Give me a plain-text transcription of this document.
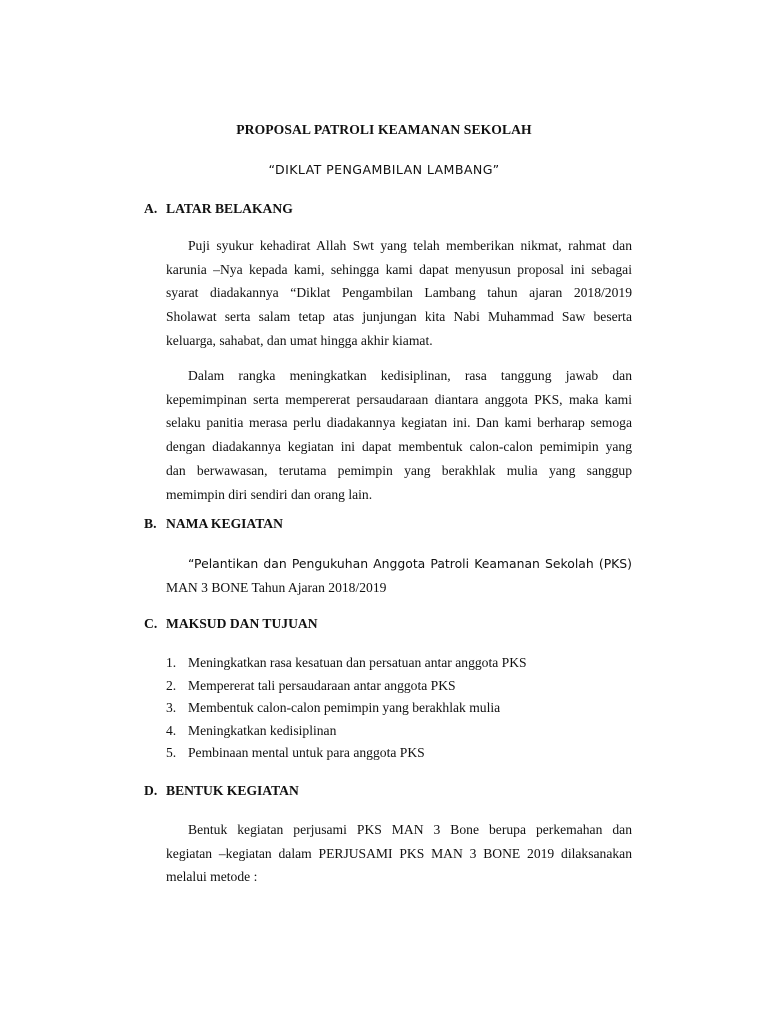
PROPOSAL PATROLI KEAMANAN SEKOLAH
“DIKLAT PENGAMBILAN LAMBANG”
A. LATAR BELAKANG
Puji syukur kehadirat Allah Swt yang telah memberikan nikmat, rahmat dan
karunia –Nya kepada kami, sehingga kami dapat menyusun proposal ini sebagai
syarat diadakannya “Diklat Pengambilan Lambang tahun ajaran 2018/2019
Sholawat serta salam tetap atas junjungan kita Nabi Muhammad Saw beserta
keluarga, sahabat, dan umat hingga akhir kiamat.
Dalam rangka meningkatkan kedisiplinan, rasa tanggung jawab dan
kepemimpinan serta mempererat persaudaraan diantara anggota PKS, maka kami
selaku panitia merasa perlu diadakannya kegiatan ini. Dan kami berharap semoga
dengan diadakannya kegiatan ini dapat membentuk calon-calon pemimipin yang
dan berwawasan, terutama pemimpin yang berakhlak mulia yang sanggup
memimpin diri sendiri dan orang lain.
B. NAMA KEGIATAN
“Pelantikan dan Pengukuhan Anggota Patroli Keamanan Sekolah (PKS)
MAN 3 BONE Tahun Ajaran 2018/2019
C. MAKSUD DAN TUJUAN
1. Meningkatkan rasa kesatuan dan persatuan antar anggota PKS
2. Mempererat tali persaudaraan antar anggota PKS
3. Membentuk calon-calon pemimpin yang berakhlak mulia
4. Meningkatkan kedisiplinan
5. Pembinaan mental untuk para anggota PKS
D. BENTUK KEGIATAN
Bentuk kegiatan perjusami PKS MAN 3 Bone berupa perkemahan dan
kegiatan –kegiatan dalam PERJUSAMI PKS MAN 3 BONE 2019 dilaksanakan
melalui metode :
